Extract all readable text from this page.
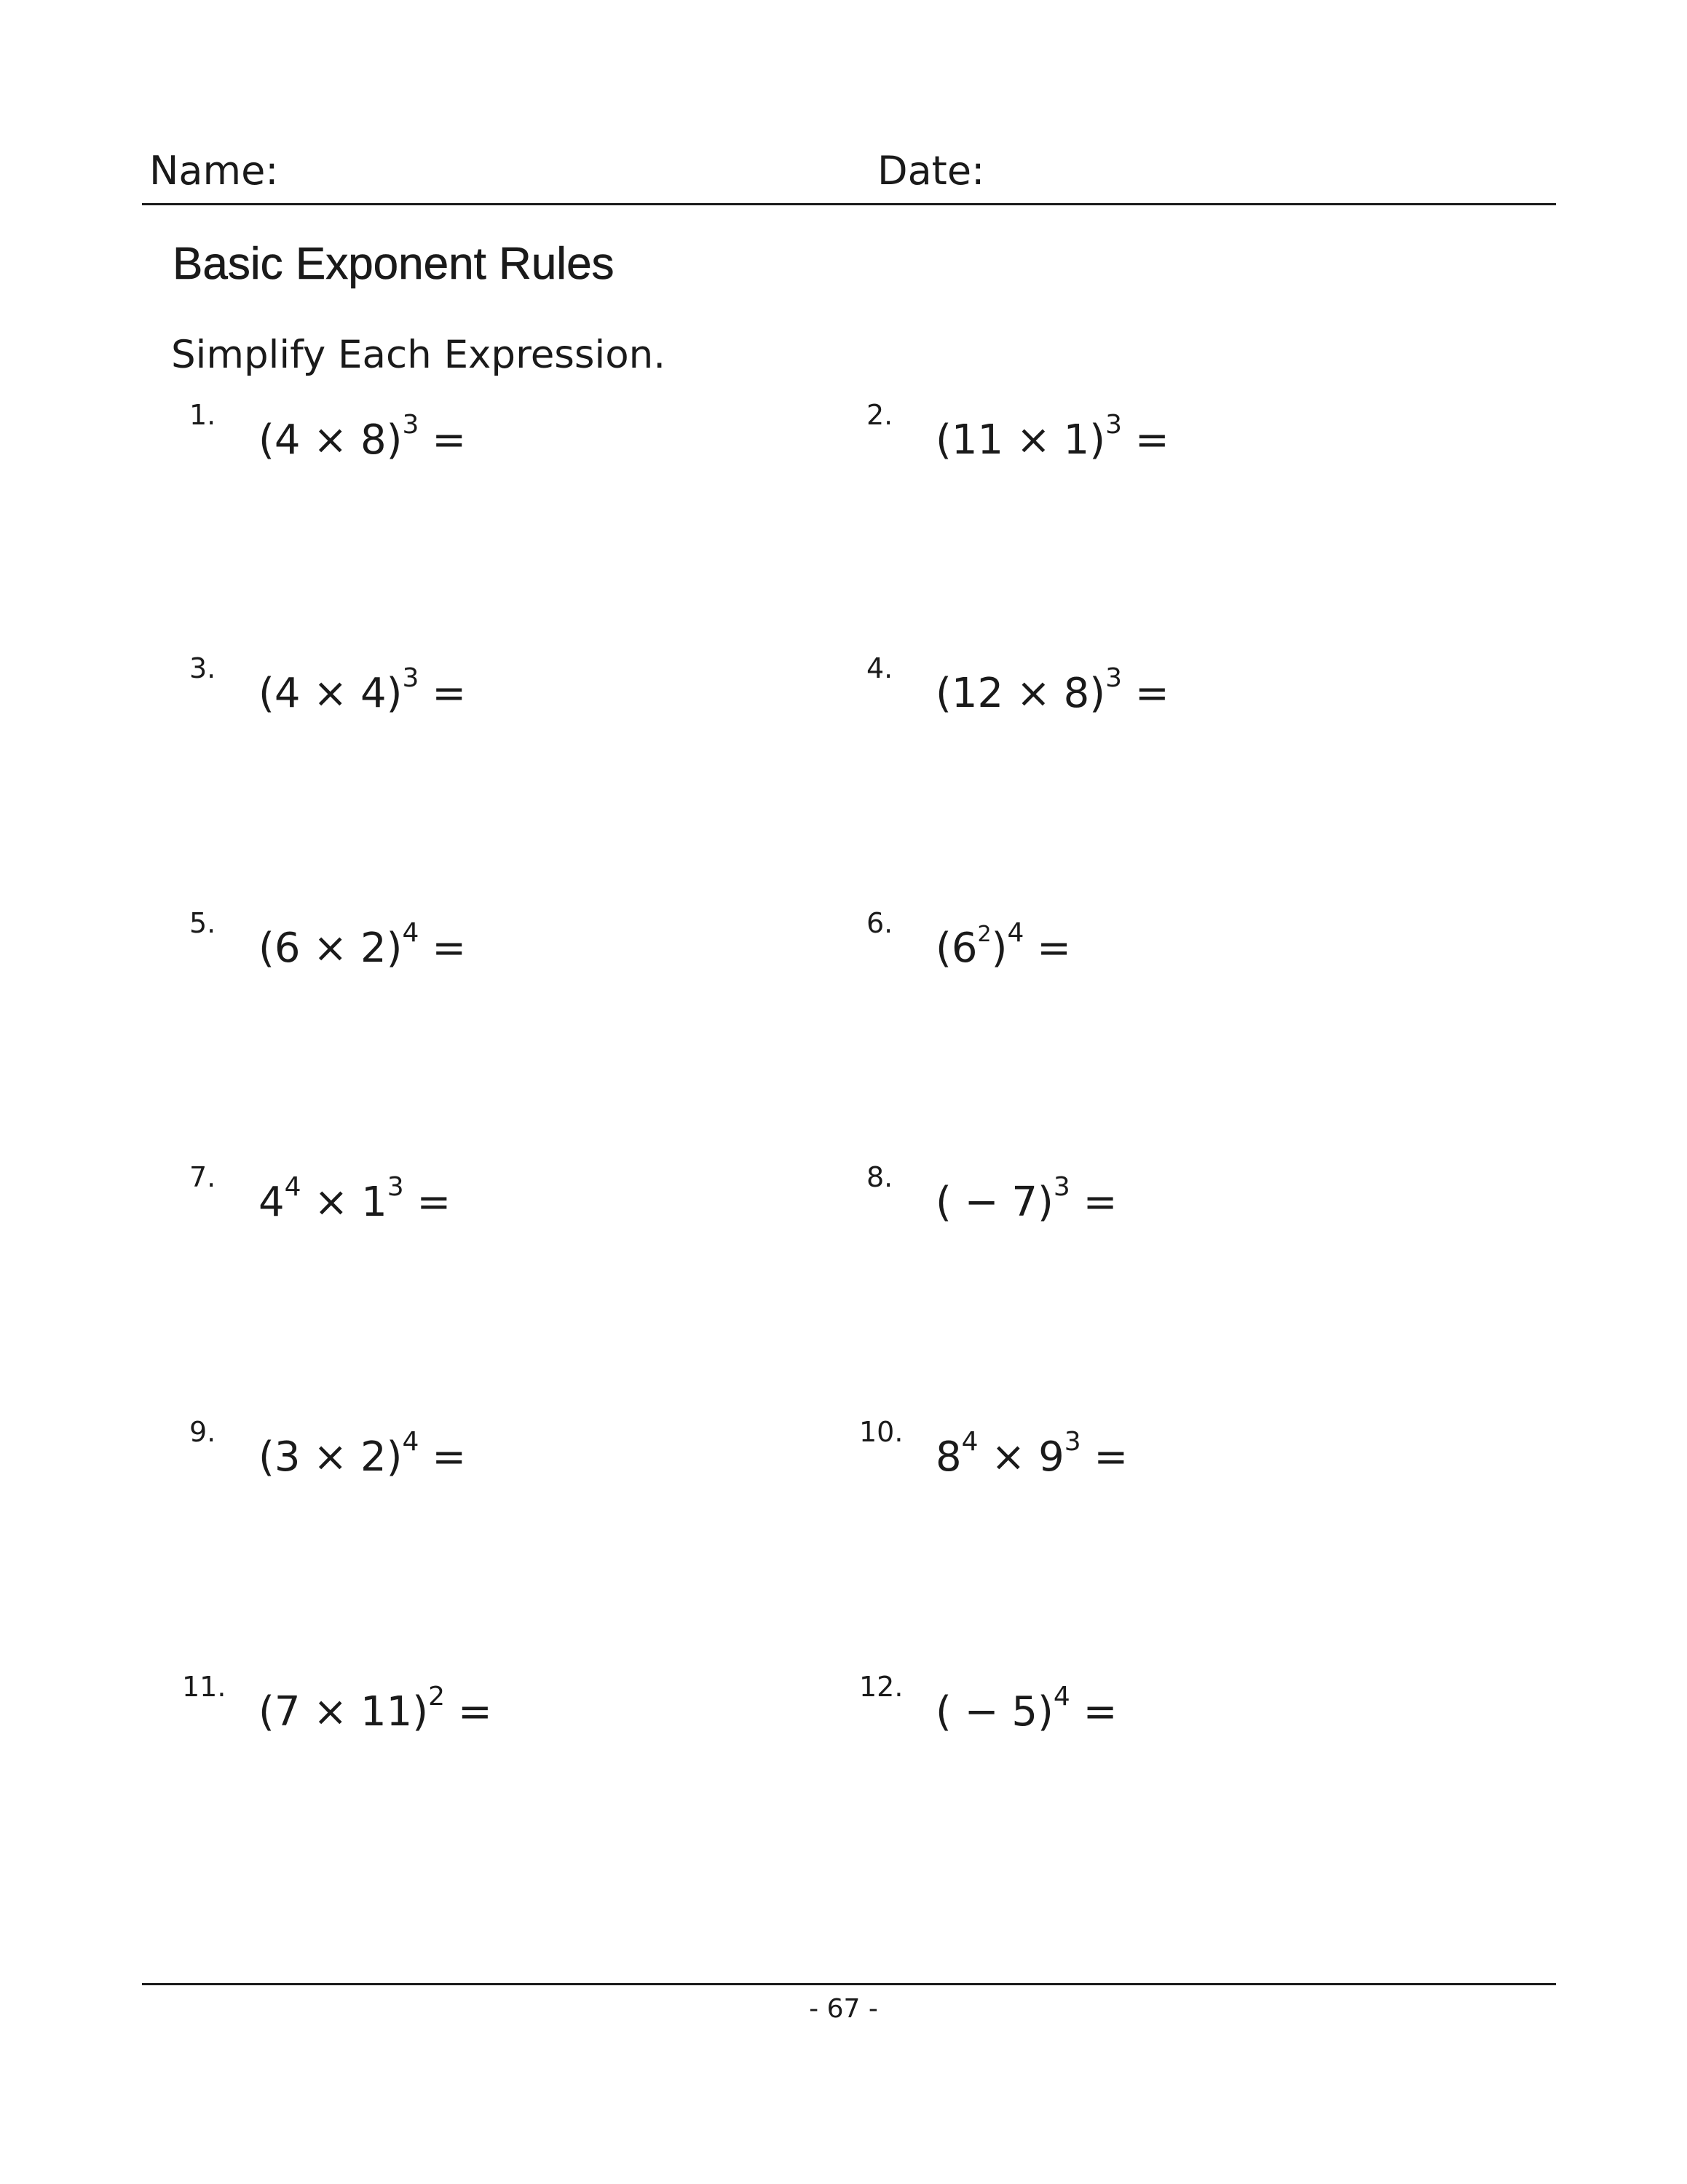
Name:	Date:
Basic Exponent Rules
Simplify Each Expression.
1.
$(4 \times 8)^3$ =
2.
$(11 \times 1)^3$ =
3.
$(4 \times 4)^3$ =
4.
$(12 \times 8)^3$ =
5.
$(6 \times 2)^4$ =
6.
$(6^2)^4$ =
7.
$4^4 \times 1^3$ =
8.
( − 7)$^3$ =
9.
$(3 \times 2)^4$ =
10.
$8^4 \times 9^3$ =
11.
$(7 \times 11)^2$ =
12.
( − 5)$^4$ =
- 67 -
